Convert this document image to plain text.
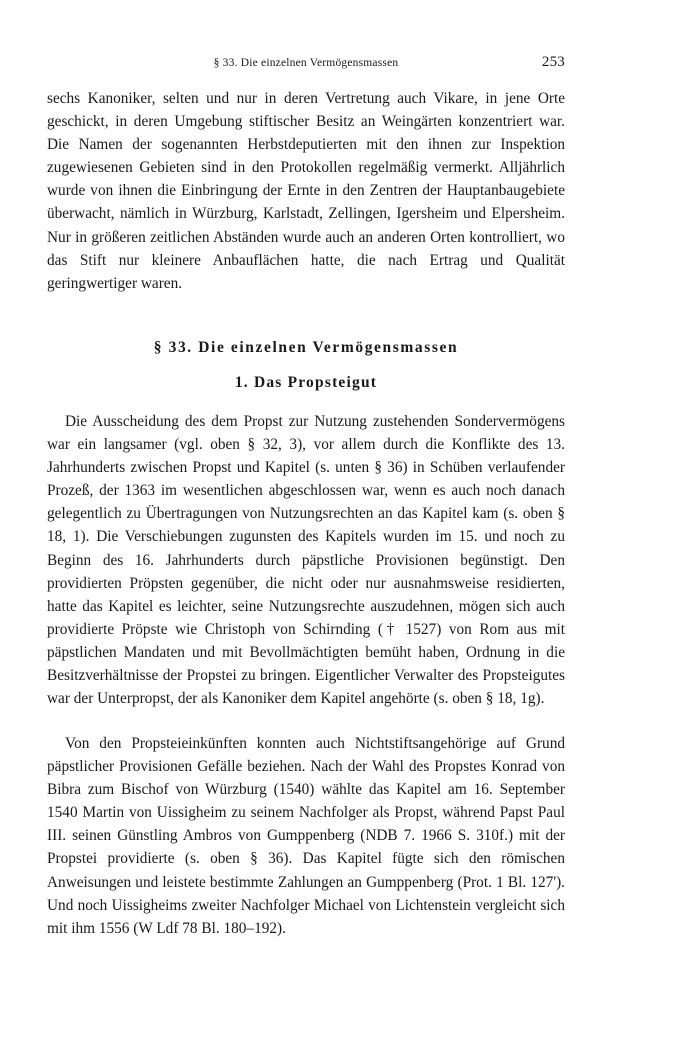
§ 33. Die einzelnen Vermögensmassen	253

sechs Kanoniker, selten und nur in deren Vertretung auch Vikare, in jene Orte geschickt, in deren Umgebung stiftischer Besitz an Weingärten konzentriert war. Die Namen der sogenannten Herbstdeputierten mit den ihnen zur Inspektion zugewiesenen Gebieten sind in den Protokollen regelmäßig vermerkt. Alljährlich wurde von ihnen die Einbringung der Ernte in den Zentren der Hauptanbaugebiete überwacht, nämlich in Würzburg, Karlstadt, Zellingen, Igersheim und Elpersheim. Nur in größeren zeitlichen Abständen wurde auch an anderen Orten kontrolliert, wo das Stift nur kleinere Anbauflächen hatte, die nach Ertrag und Qualität geringwertiger waren.

§ 33. Die einzelnen Vermögensmassen
1. Das Propsteigut

Die Ausscheidung des dem Propst zur Nutzung zustehenden Sondervermögens war ein langsamer (vgl. oben § 32, 3), vor allem durch die Konflikte des 13. Jahrhunderts zwischen Propst und Kapitel (s. unten § 36) in Schüben verlaufender Prozeß, der 1363 im wesentlichen abgeschlossen war, wenn es auch noch danach gelegentlich zu Übertragungen von Nutzungsrechten an das Kapitel kam (s. oben § 18, 1). Die Verschiebungen zugunsten des Kapitels wurden im 15. und noch zu Beginn des 16. Jahrhunderts durch päpstliche Provisionen begünstigt. Den providierten Pröpsten gegenüber, die nicht oder nur ausnahmsweise residierten, hatte das Kapitel es leichter, seine Nutzungsrechte auszudehnen, mögen sich auch providierte Pröpste wie Christoph von Schirnding († 1527) von Rom aus mit päpstlichen Mandaten und mit Bevollmächtigten bemüht haben, Ordnung in die Besitzverhältnisse der Propstei zu bringen. Eigentlicher Verwalter des Propsteigutes war der Unterpropst, der als Kanoniker dem Kapitel angehörte (s. oben § 18, 1g).

Von den Propsteieinkünften konnten auch Nichtstiftsangehörige auf Grund päpstlicher Provisionen Gefälle beziehen. Nach der Wahl des Propstes Konrad von Bibra zum Bischof von Würzburg (1540) wählte das Kapitel am 16. September 1540 Martin von Uissigheim zu seinem Nachfolger als Propst, während Papst Paul III. seinen Günstling Ambros von Gumppenberg (NDB 7. 1966 S. 310f.) mit der Propstei providierte (s. oben § 36). Das Kapitel fügte sich den römischen Anweisungen und leistete bestimmte Zahlungen an Gumppenberg (Prot. 1 Bl. 127'). Und noch Uissigheims zweiter Nachfolger Michael von Lichtenstein vergleicht sich mit ihm 1556 (W Ldf 78 Bl. 180–192).
